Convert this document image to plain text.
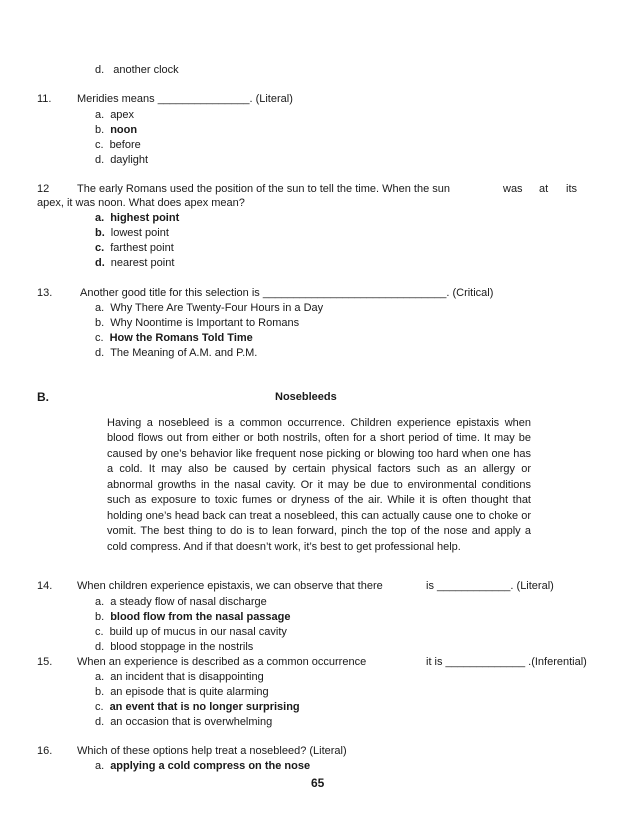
d. another clock
11. Meridies means _______________. (Literal)
a. apex
b. noon
c. before
d. daylight
12	The early Romans used the position of the sun to tell the time. When the sun	was at its
apex, it was noon. What does apex mean?
a. highest point
b. lowest point
c. farthest point
d. nearest point
13.	Another good title for this selection is ______________________________. (Critical)
a. Why There Are Twenty-Four Hours in a Day
b. Why Noontime is Important to Romans
c. How the Romans Told Time
d. The Meaning of A.M. and P.M.
B.	Nosebleeds
Having a nosebleed is a common occurrence. Children experience epistaxis when blood flows out from either or both nostrils, often for a short period of time. It may be caused by one’s behavior like frequent nose picking or blowing too hard when one has a cold. It may also be caused by certain physical factors such as an allergy or abnormal growths in the nasal cavity. Or it may be due to environmental conditions such as exposure to toxic fumes or dryness of the air. While it is often thought that holding one’s head back can treat a nosebleed, this can actually cause one to choke or vomit. The best thing to do is to lean forward, pinch the top of the nose and apply a cold compress. And if that doesn’t work, it’s best to get professional help.
14. When children experience epistaxis, we can observe that there	is ____________. (Literal)
a. a steady flow of nasal discharge
b. blood flow from the nasal passage
c. build up of mucus in our nasal cavity
d. blood stoppage in the nostrils
15. When an experience is described as a common occurrence	it is _____________ .(Inferential)
a. an incident that is disappointing
b. an episode that is quite alarming
c. an event that is no longer surprising
d. an occasion that is overwhelming
16. Which of these options help treat a nosebleed? (Literal)
a. applying a cold compress on the nose
65
